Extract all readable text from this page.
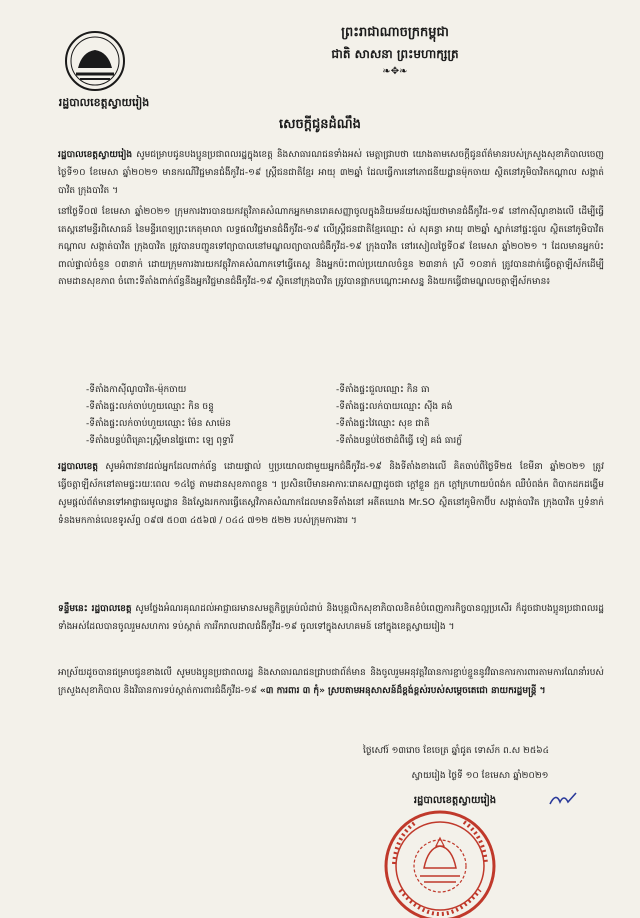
រដ្ឋបាលខេត្តស្វាយរៀង
ព្រះរាជាណាចក្រកម្ពុជា
ជាតិ សាសនា ព្រះមហាក្សត្រ
❧✥❧
សេចក្តីជូនដំណឹង
រដ្ឋបាលខេត្តស្វាយរៀង សូមជម្រាបជូនបងប្អូនប្រជាពលរដ្ឋក្នុងខេត្ត និងសាធារណជនទាំងអស់ មេត្តាជ្រាបថា យោងតាមសេចក្តីជូនព័ត៌មានរបស់ក្រសួងសុខាភិបាលចេញថ្ងៃទី១០ ខែមេសា ឆ្នាំ២០២១ មានករណីវិជ្ជមានជំងឺកូវីដ-១៩ ស្ត្រីជនជាតិខ្មែរ អាយុ ៣២ឆ្នាំ ដែលធ្វើការនៅភោជនីយដ្ឋានម៉ុកចាយ ស្ថិតនៅភូមិបាវិតកណ្តាល សង្កាត់បាវិត ក្រុងបាវិត ។
នៅថ្ងៃទី០៧ ខែមេសា ឆ្នាំ២០២១ ក្រុមការងារបានយកវត្ថុវិភាគសំណាកអ្នកមានរោគសញ្ញាចូលក្នុងនិយមន័យសង្ស័យថាមានជំងឺកូវីដ-១៩ នៅកាស៊ីណូខាងលើ ដើម្បីធ្វើតេស្តនៅមន្ទីរពិសោធន៍ នៃមន្ទីរពេទ្យព្រះកេតុមាលា លទ្ធផលវិជ្ជមានជំងឺកូវីដ-១៩ លើស្ត្រីជនជាតិខ្មែរឈ្មោះ ស់ សុគន្ធា អាយុ ៣២ឆ្នាំ ស្នាក់នៅផ្ទះជួល ស្ថិតនៅភូមិបាវិតកណ្តាល សង្កាត់បាវិត ក្រុងបាវិត ត្រូវបានបញ្ជូនទៅព្យាបាលនៅមណ្ឌលព្យាបាលជំងឺកូវីដ-១៩ ក្រុងបាវិត នៅរសៀលថ្ងៃទី០៩ ខែមេសា ឆ្នាំ២០២១ ។ ដែលមានអ្នកប៉ះពាល់ផ្ទាល់ចំនួន ០៣នាក់ ដោយក្រុមការងារយកវត្ថុវិភាគសំណាកទៅធ្វើតេស្ត និងអ្នកប៉ះពាល់ប្រយោលចំនួន ២៣នាក់ ស្រី ១០នាក់ ត្រូវបានដាក់ធ្វើចត្តាឡីស័កដើម្បីតាមដានសុខភាព ចំពោះទីតាំងពាក់ព័ន្ធនឹងអ្នកវិជ្ជមានជំងឺកូវីដ-១៩ ស្ថិតនៅក្រុងបាវិត ត្រូវបានផ្អាកបណ្តោះអាសន្ន និងយកធ្វើជាមណ្ឌលចត្តាឡីស័កមាន៖
-ទីតាំងកាស៊ីណូបាវិត-ម៉ុកចាយ	-ទីតាំងផ្ទះជួលឈ្មោះ កិន ធា
-ទីតាំងផ្ទះលក់ចាប់ហួយឈ្មោះ កិន ចន្ទូ	-ទីតាំងផ្ទះលក់បាយឈ្មោះ ស៊ីង គង់
-ទីតាំងផ្ទះលក់ចាប់ហួយឈ្មោះ ម៉ែន សាម៉េន	-ទីតាំងផ្ទះវៃឈ្មោះ សុខ ជាតិ
-ទីតាំងបន្ទប់ពិគ្រោះស្ត្រីមានផ្ទៃពោះ ឡេ ពុទ្ធារី	-ទីតាំងបន្ទប់ថៃថាដំពីធ្វើ ទៀ គង់ ធារក្ខ័
រដ្ឋបាលខេត្ត សូមអំពាវនាវដល់អ្នកដែលពាក់ព័ន្ធ ដោយផ្ទាល់ ឬប្រយោលជាមួយអ្នកជំងឺកូវីដ-១៩ និងទីតាំងខាងលើ គិតចាប់ពីថ្ងៃទី២៥ ខែមីនា ឆ្នាំ២០២១ ត្រូវធ្វើចត្តាឡីស័កនៅតាមផ្ទះរយៈពេល ១៤ថ្ងៃ តាមដានសុខភាពខ្លួន ។ ប្រសិនបើមានអាការៈរោគសញ្ញាដូចជា ក្តៅខ្លួន ក្អក ក្តៅក្រហាយបំពង់ក ឈឺបំពង់ក ពិបាកដកដង្ហើម សូមផ្តល់ព័ត៌មានទៅអាជ្ញាធរមូលដ្ឋាន និងស្វែងរកការធ្វើតេស្តវិភាគសំណាកដែលមានទីតាំងនៅ អតីតឃោង Mr.SO ស្ថិតនៅភូមិកាប៊ីប សង្កាត់បាវិត ក្រុងបាវិត ឬទំនាក់ទំនងមកកាន់លេខទូរស័ព្ទ ០៩៧ ៥០៣ ៤៥៦៧ / ០៤៤ ៧១២ ៥២២ របស់ក្រុមការងារ ។
ទន្ទឹមនេះ រដ្ឋបាលខេត្ត សូមថ្លែងអំណរគុណដល់អាជ្ញាធរមានសមត្ថកិច្ចគ្រប់លំដាប់ និងបុគ្គលិកសុខាភិបាលខិតខំបំពេញការកិច្ចបានល្អប្រសើរ ក៏ដូចជាបងប្អូនប្រជាពលរដ្ឋទាំងអស់ដែលបានចូលរួមសហការ ទប់ស្កាត់ ការរីករាលដាលជំងឺកូវីដ-១៩ ចូលទៅក្នុងសហគមន៍ នៅក្នុងខេត្តស្វាយរៀង ។
អាស្រ័យដូចបានជម្រាបជូនខាងលើ សូមបងប្អូនប្រជាពលរដ្ឋ និងសាធារណជនជ្រាបជាព័ត៌មាន និងចូលរួមអនុវត្តវិធានការខ្ជាប់ខ្ជួននូវវិធានការការពារតាមការណែនាំរបស់ក្រសួងសុខាភិបាល និងវិធានការទប់ស្កាត់ការពារជំងឺកូវីដ-១៩ «៣ ការពារ ៣ កុំ» ស្របតាមអនុសាសន៍ដ៏ខ្ពង់ខ្ពស់របស់សម្តេចតេជោ នាយករដ្ឋមន្ត្រី ។
ថ្ងៃសៅរ៍ ១៣រោច ខែចេត្រ ឆ្នាំជូត ទោស័ក ព.ស ២៥៦៤
ស្វាយរៀង ថ្ងៃទី ១០ ខែមេសា ឆ្នាំ២០២១
រដ្ឋបាលខេត្តស្វាយរៀង
